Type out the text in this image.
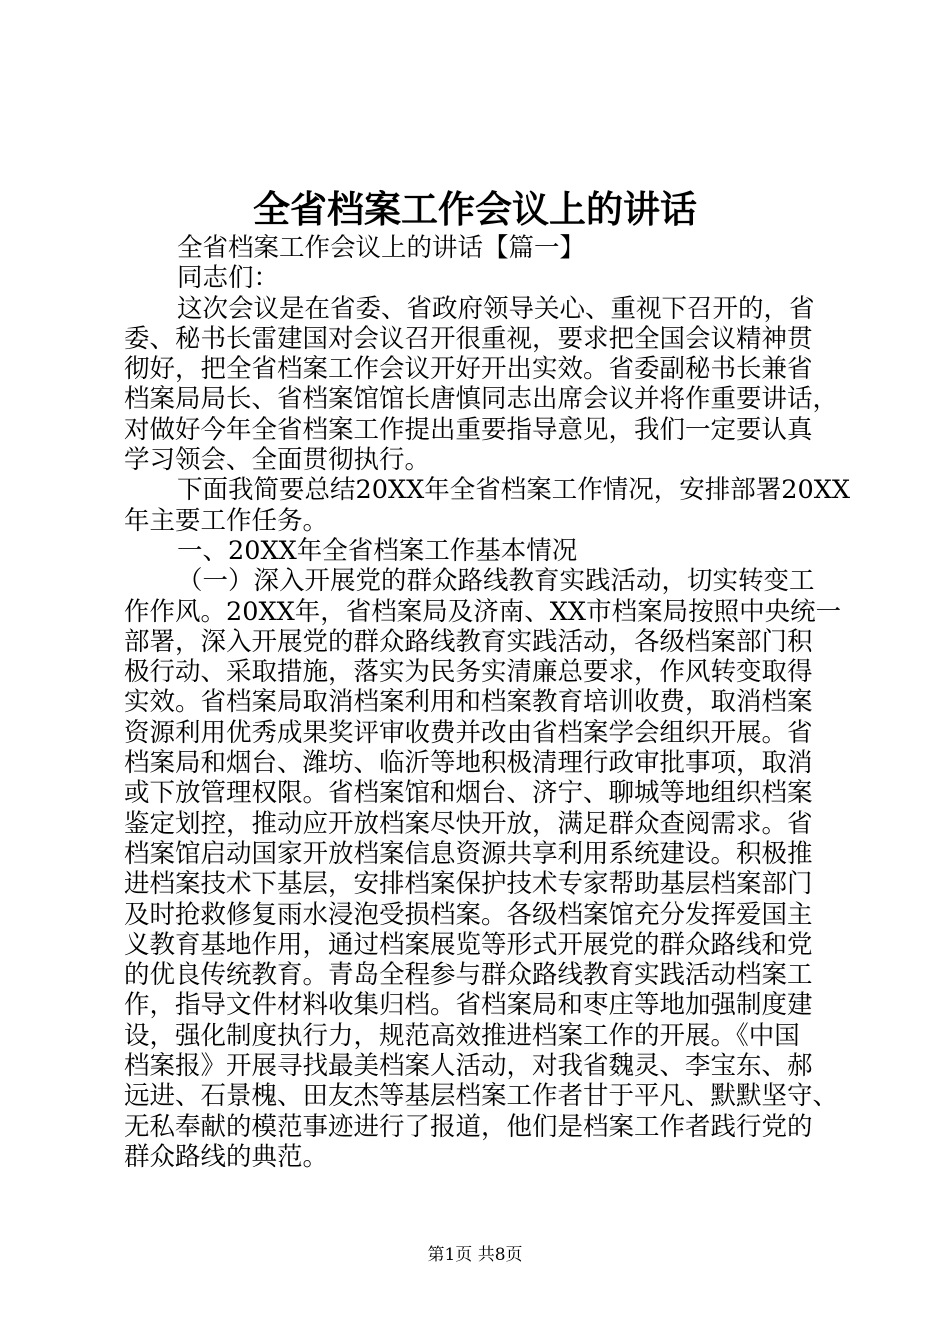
全省档案工作会议上的讲话
全省档案工作会议上的讲话【篇一】
同志们：
这次会议是在省委、省政府领导关心、重视下召开的，省
委、秘书长雷建国对会议召开很重视，要求把全国会议精神贯
彻好，把全省档案工作会议开好开出实效。省委副秘书长兼省
档案局局长、省档案馆馆长唐慎同志出席会议并将作重要讲话，
对做好今年全省档案工作提出重要指导意见，我们一定要认真
学习领会、全面贯彻执行。
下面我简要总结20XX年全省档案工作情况，安排部署20XX
年主要工作任务。
一、20XX年全省档案工作基本情况
（一）深入开展党的群众路线教育实践活动，切实转变工
作作风。20XX年，省档案局及济南、XX市档案局按照中央统一
部署，深入开展党的群众路线教育实践活动，各级档案部门积
极行动、采取措施，落实为民务实清廉总要求，作风转变取得
实效。省档案局取消档案利用和档案教育培训收费，取消档案
资源利用优秀成果奖评审收费并改由省档案学会组织开展。省
档案局和烟台、潍坊、临沂等地积极清理行政审批事项，取消
或下放管理权限。省档案馆和烟台、济宁、聊城等地组织档案
鉴定划控，推动应开放档案尽快开放，满足群众查阅需求。省
档案馆启动国家开放档案信息资源共享利用系统建设。积极推
进档案技术下基层，安排档案保护技术专家帮助基层档案部门
及时抢救修复雨水浸泡受损档案。各级档案馆充分发挥爱国主
义教育基地作用，通过档案展览等形式开展党的群众路线和党
的优良传统教育。青岛全程参与群众路线教育实践活动档案工
作，指导文件材料收集归档。省档案局和枣庄等地加强制度建
设，强化制度执行力，规范高效推进档案工作的开展。《中国
档案报》开展寻找最美档案人活动，对我省魏灵、李宝东、郝
远进、石景槐、田友杰等基层档案工作者甘于平凡、默默坚守、
无私奉献的模范事迹进行了报道，他们是档案工作者践行党的
群众路线的典范。
第1页 共8页
